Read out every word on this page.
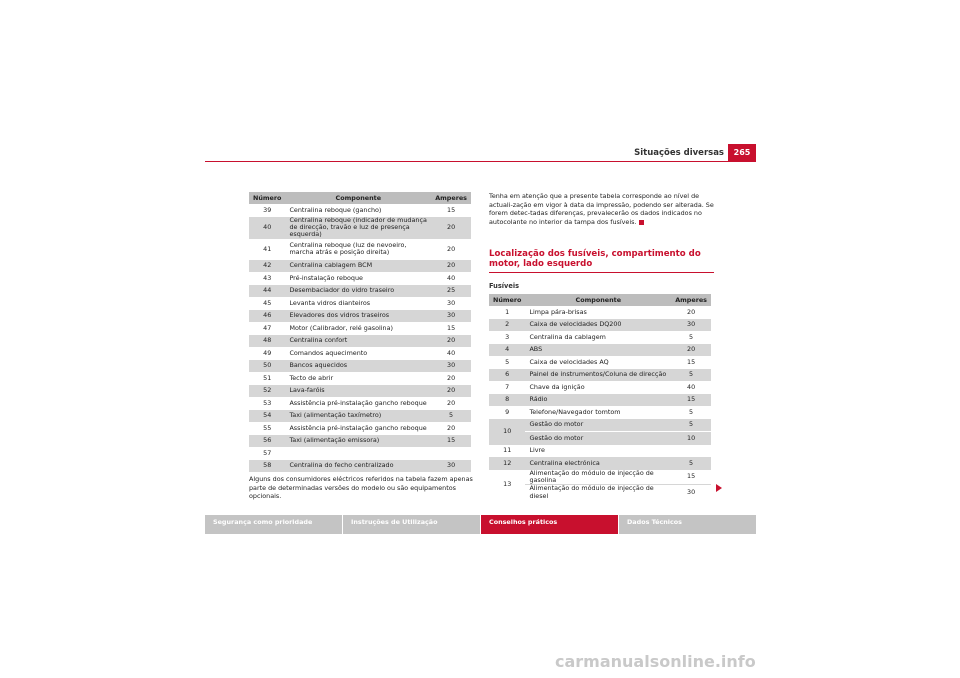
Situações diversas	265
Número	Componente	Amperes
39	Centralina reboque (gancho)	15
40	Centralina reboque (indicador de mudança de direcção, travão e luz de presença esquerda)	20
41	Centralina reboque (luz de nevoeiro, marcha atrás e posição direita)	20
42	Centralina cablagem BCM	20
43	Pré-instalação reboque	40
44	Desembaciador do vidro traseiro	25
45	Levanta vidros dianteiros	30
46	Elevadores dos vidros traseiros	30
47	Motor (Calibrador, relé gasolina)	15
48	Centralina confort	20
49	Comandos aquecimento	40
50	Bancos aquecidos	30
51	Tecto de abrir	20
52	Lava-faróis	20
53	Assistência pré-instalação gancho reboque	20
54	Taxi (alimentação taxímetro)	5
55	Assistência pré-instalação gancho reboque	20
56	Taxi (alimentação emissora)	15
57		
58	Centralina do fecho centralizado	30
Alguns dos consumidores eléctricos referidos na tabela fazem apenas parte de determinadas versões do modelo ou são equipamentos opcionais.
Tenha em atenção que a presente tabela corresponde ao nível de actuali-zação em vigor à data da impressão, podendo ser alterada. Se forem detec-tadas diferenças, prevalecerão os dados indicados no autocolante no interior da tampa dos fusíveis.
Localização dos fusíveis, compartimento do motor, lado esquerdo
Fusíveis
Número	Componente	Amperes
1	Limpa pára-brisas	20
2	Caixa de velocidades DQ200	30
3	Centralina da cablagem	5
4	ABS	20
5	Caixa de velocidades AQ	15
6	Painel de instrumentos/Coluna de direcção	5
7	Chave da ignição	40
8	Rádio	15
9	Telefone/Navegador tomtom	5
10	Gestão do motor	5
	Gestão do motor	10
11	Livre	
12	Centralina electrónica	5
13	Alimentação do módulo de injecção de gasolina	15
	Alimentação do módulo de injecção de diesel	30
Segurança como prioridade	Instruções de Utilização	Conselhos práticos	Dados Técnicos
carmanualsonline.info
